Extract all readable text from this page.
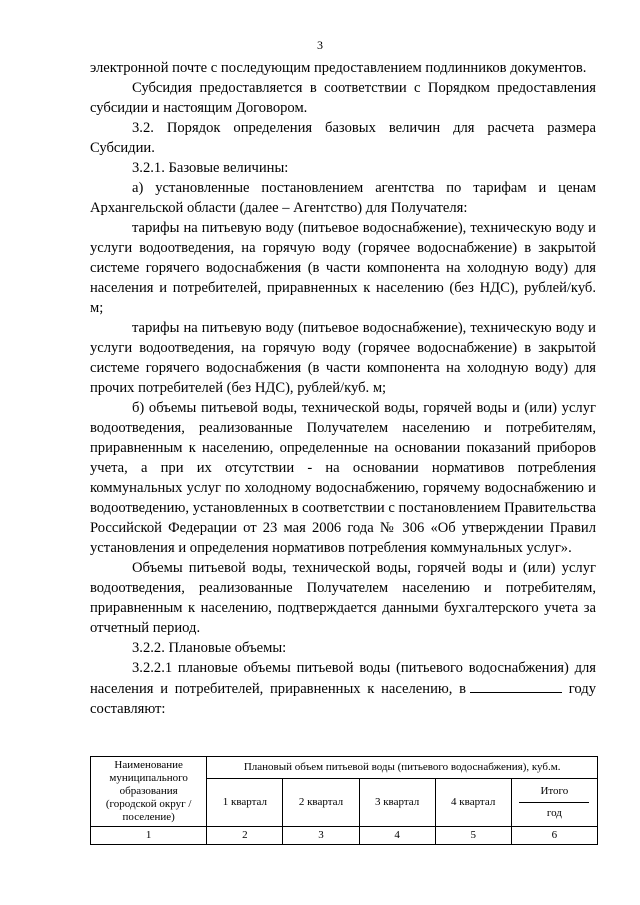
3

электронной почте с последующим предоставлением подлинников документов.

Субсидия предоставляется в соответствии с Порядком предоставления субсидии и настоящим Договором.

3.2. Порядок определения базовых величин для расчета размера Субсидии.

3.2.1. Базовые величины:

а) установленные постановлением агентства по тарифам и ценам Архангельской области (далее – Агентство) для Получателя:

тарифы на питьевую воду (питьевое водоснабжение), техническую воду и услуги водоотведения, на горячую воду (горячее водоснабжение) в закрытой системе горячего водоснабжения (в части компонента на холодную воду) для населения и потребителей, приравненных к населению (без НДС), рублей/куб. м;

тарифы на питьевую воду (питьевое водоснабжение), техническую воду и услуги водоотведения, на горячую воду (горячее водоснабжение) в закрытой системе горячего водоснабжения (в части компонента на холодную воду) для прочих потребителей (без НДС), рублей/куб. м;

б) объемы питьевой воды, технической воды, горячей воды и (или) услуг водоотведения, реализованные Получателем населению и потребителям, приравненным к населению, определенные на основании показаний приборов учета, а при их отсутствии - на основании нормативов потребления коммунальных услуг по холодному водоснабжению, горячему водоснабжению и водоотведению, установленных в соответствии с постановлением Правительства Российской Федерации от 23 мая 2006 года № 306 «Об утверждении Правил установления и определения нормативов потребления коммунальных услуг».

Объемы питьевой воды, технической воды, горячей воды и (или) услуг водоотведения, реализованные Получателем населению и потребителям, приравненным к населению, подтверждается данными бухгалтерского учета за отчетный период.

3.2.2. Плановые объемы:

3.2.2.1 плановые объемы питьевой воды (питьевого водоснабжения) для населения и потребителей, приравненных к населению, в	году составляют:

Наименование муниципального образования (городской округ / поселение)	Плановый объем питьевой воды (питьевого водоснабжения), куб.м.				
	1 квартал	2 квартал	3 квартал	4 квартал	Итого
год
1	2	3	4	5	6
